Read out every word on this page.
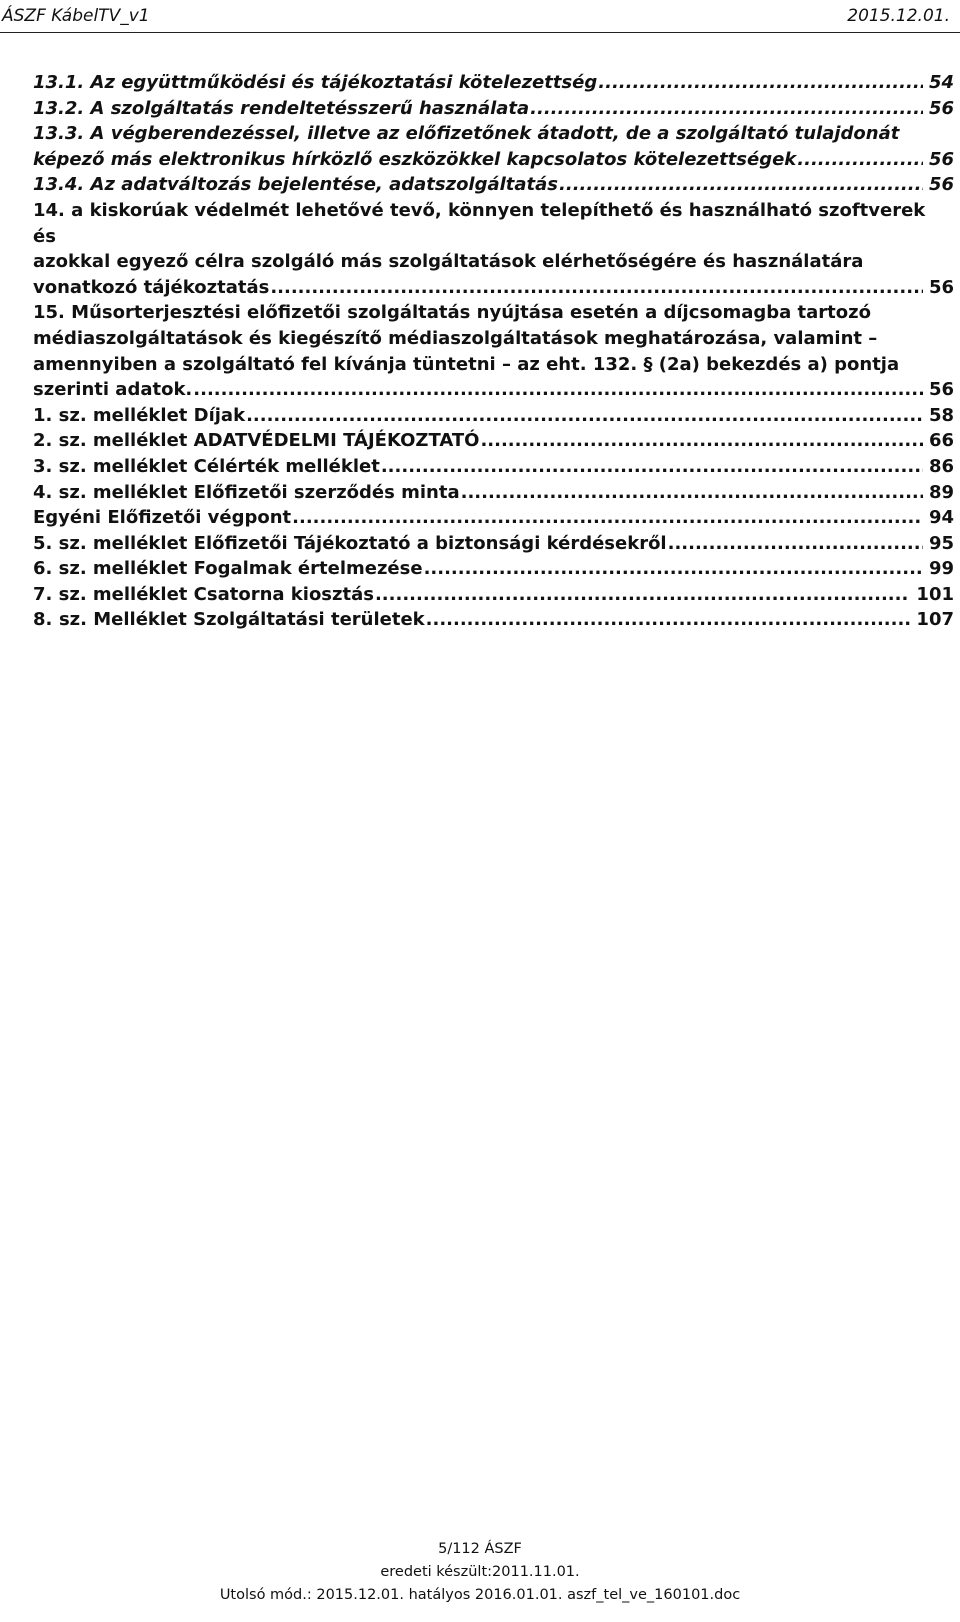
ÁSZF KábelTV_v1	2015.12.01.
13.1. Az együttműködési és tájékoztatási kötelezettség .....	54
13.2. A szolgáltatás rendeltetésszerű használata .....	56
13.3. A végberendezéssel, illetve az előfizetőnek átadott, de a szolgáltató tulajdonát
képező más elektronikus hírközlő eszközökkel kapcsolatos kötelezettségek .....	56
13.4. Az adatváltozás bejelentése, adatszolgáltatás .....	56
14. a kiskorúak védelmét lehetővé tevő, könnyen telepíthető és használható szoftverek és
azokkal egyező célra szolgáló más szolgáltatások elérhetőségére és használatára
vonatkozó tájékoztatás .....	56
15. Műsorterjesztési előfizetői szolgáltatás nyújtása esetén a díjcsomagba tartozó
médiaszolgáltatások és kiegészítő médiaszolgáltatások meghatározása, valamint –
amennyiben a szolgáltató fel kívánja tüntetni – az eht. 132. § (2a) bekezdés a) pontja
szerinti adatok. .....	56
1. sz. melléklet Díjak .....	58
2. sz. melléklet ADATVÉDELMI TÁJÉKOZTATÓ .....	66
3. sz. melléklet Célérték melléklet .....	86
4. sz. melléklet Előfizetői szerződés minta .....	89
Egyéni Előfizetői végpont .....	94
5. sz. melléklet Előfizetői Tájékoztató a biztonsági kérdésekről .....	95
6. sz. melléklet Fogalmak értelmezése .....	99
7. sz. melléklet Csatorna kiosztás .....	101
8. sz. Melléklet Szolgáltatási területek .....	107
5/112 ÁSZF
eredeti készült:2011.11.01.
Utolsó mód.: 2015.12.01. hatályos 2016.01.01. aszf_tel_ve_160101.doc
